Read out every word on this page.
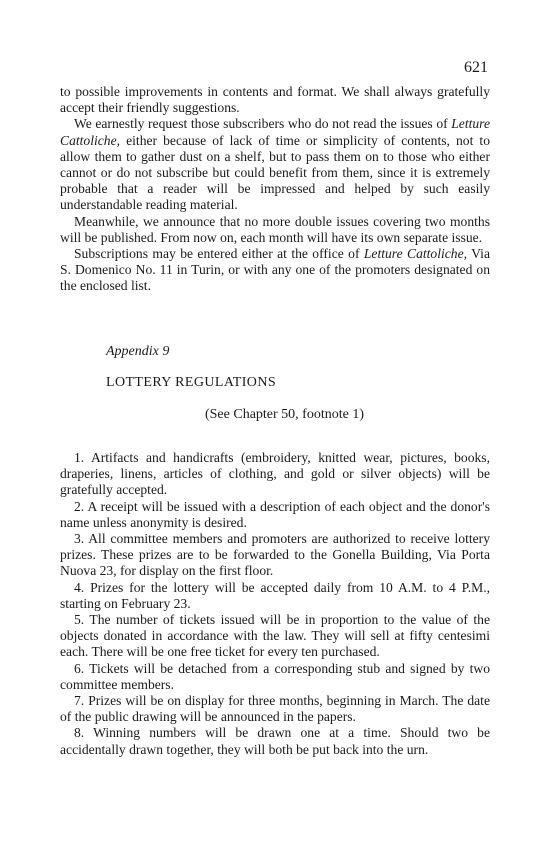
621

to possible improvements in contents and format. We shall always gratefully accept their friendly suggestions.

We earnestly request those subscribers who do not read the issues of Letture Cattoliche, either because of lack of time or simplicity of contents, not to allow them to gather dust on a shelf, but to pass them on to those who either cannot or do not subscribe but could benefit from them, since it is extremely probable that a reader will be impressed and helped by such easily understandable reading material.

Meanwhile, we announce that no more double issues covering two months will be published. From now on, each month will have its own separate issue.

Subscriptions may be entered either at the office of Letture Cattoliche, Via S. Domenico No. 11 in Turin, or with any one of the promoters designated on the enclosed list.

Appendix 9
LOTTERY REGULATIONS
(See Chapter 50, footnote 1)

1. Artifacts and handicrafts (embroidery, knitted wear, pictures, books, draperies, linens, articles of clothing, and gold or silver objects) will be gratefully accepted.

2. A receipt will be issued with a description of each object and the donor's name unless anonymity is desired.

3. All committee members and promoters are authorized to receive lottery prizes. These prizes are to be forwarded to the Gonella Building, Via Porta Nuova 23, for display on the first floor.

4. Prizes for the lottery will be accepted daily from 10 A.M. to 4 P.M., starting on February 23.

5. The number of tickets issued will be in proportion to the value of the objects donated in accordance with the law. They will sell at fifty centesimi each. There will be one free ticket for every ten purchased.

6. Tickets will be detached from a corresponding stub and signed by two committee members.

7. Prizes will be on display for three months, beginning in March. The date of the public drawing will be announced in the papers.

8. Winning numbers will be drawn one at a time. Should two be accidentally drawn together, they will both be put back into the urn.
